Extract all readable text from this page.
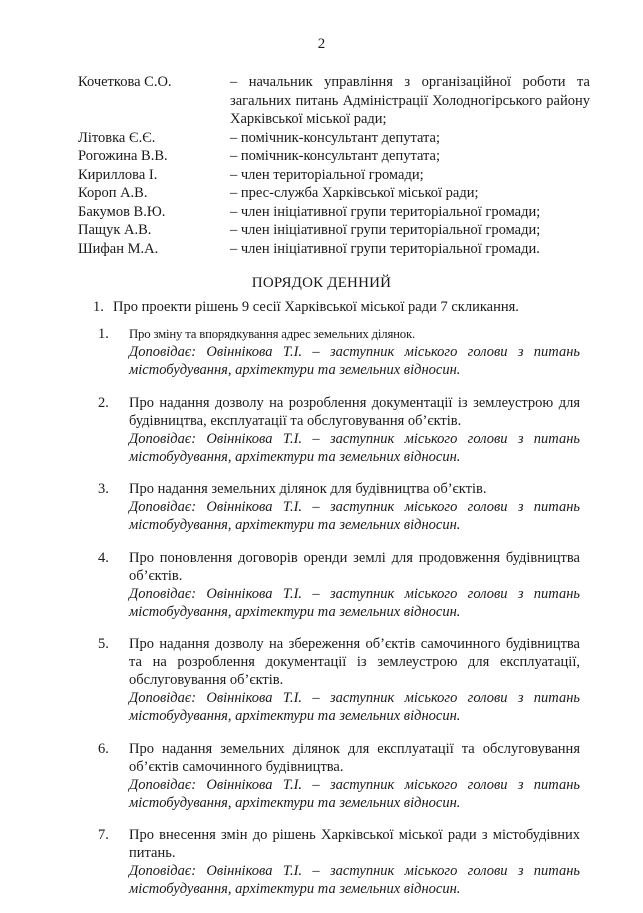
2
Кочеткова С.О.	– начальник управління з організаційної роботи та загальних питань Адміністрації Холодногірського району Харківської міської ради;
Літовка Є.Є.	– помічник-консультант депутата;
Рогожина В.В.	– помічник-консультант депутата;
Кириллова І.	– член територіальної громади;
Короп А.В.	– прес-служба Харківської міської ради;
Бакумов В.Ю.	– член ініціативної групи територіальної громади;
Пащук А.В.	– член ініціативної групи територіальної громади;
Шифан М.А.	– член ініціативної групи територіальної громади.
ПОРЯДОК ДЕННИЙ
1. Про проекти рішень 9 сесії Харківської міської ради 7 скликання.
1.	Про зміну та впорядкування адрес земельних ділянок.
Доповідає: Овіннікова Т.І. – заступник міського голови з питань містобудування, архітектури та земельних відносин.
2.	Про надання дозволу на розроблення документації із землеустрою для будівництва, експлуатації та обслуговування об’єктів.
Доповідає: Овіннікова Т.І. – заступник міського голови з питань містобудування, архітектури та земельних відносин.
3.	Про надання земельних ділянок для будівництва об’єктів.
Доповідає: Овіннікова Т.І. – заступник міського голови з питань містобудування, архітектури та земельних відносин.
4.	Про поновлення договорів оренди землі для продовження будівництва об’єктів.
Доповідає: Овіннікова Т.І. – заступник міського голови з питань містобудування, архітектури та земельних відносин.
5.	Про надання дозволу на збереження об’єктів самочинного будівництва та на розроблення документації із землеустрою для експлуатації, обслуговування об’єктів.
Доповідає: Овіннікова Т.І. – заступник міського голови з питань містобудування, архітектури та земельних відносин.
6.	Про надання земельних ділянок для експлуатації та обслуговування об’єктів самочинного будівництва.
Доповідає: Овіннікова Т.І. – заступник міського голови з питань містобудування, архітектури та земельних відносин.
7.	Про внесення змін до рішень Харківської міської ради з містобудівних питань.
Доповідає: Овіннікова Т.І. – заступник міського голови з питань містобудування, архітектури та земельних відносин.
